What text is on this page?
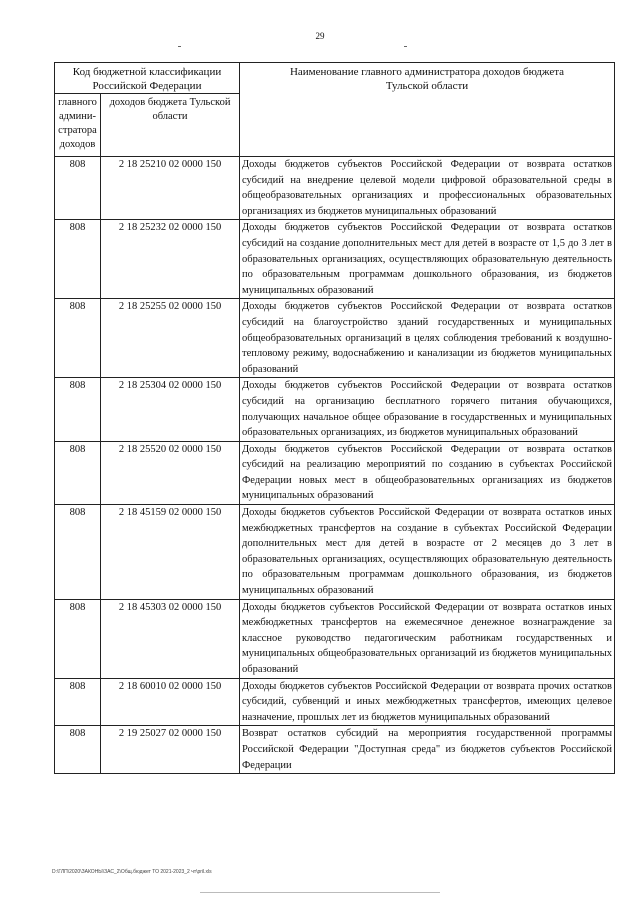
29
Код бюджетной классификации Российской Федерации		Наименование главного администратора доходов бюджета Тульской области
главного админи-стратора доходов	доходов бюджета Тульской области	
808	2 18 25210 02 0000 150	Доходы бюджетов субъектов Российской Федерации от возврата остатков субсидий на внедрение целевой модели цифровой образовательной среды в общеобразовательных организациях и профессиональных образовательных организациях из бюджетов муниципальных образований
808	2 18 25232 02 0000 150	Доходы бюджетов субъектов Российской Федерации от возврата остатков субсидий на создание дополнительных мест для детей в возрасте от 1,5 до 3 лет в образовательных организациях, осуществляющих образовательную деятельность по образовательным программам дошкольного образования, из бюджетов муниципальных образований
808	2 18 25255 02 0000 150	Доходы бюджетов субъектов Российской Федерации от возврата остатков субсидий на благоустройство зданий государственных и муниципальных общеобразовательных организаций в целях соблюдения требований к воздушно-тепловому режиму, водоснабжению и канализации из бюджетов муниципальных образований
808	2 18 25304 02 0000 150	Доходы бюджетов субъектов Российской Федерации от возврата остатков субсидий на организацию бесплатного горячего питания обучающихся, получающих начальное общее образование в государственных и муниципальных образовательных организациях, из бюджетов муниципальных образований
808	2 18 25520 02 0000 150	Доходы бюджетов субъектов Российской Федерации от возврата остатков субсидий на реализацию мероприятий по созданию в субъектах Российской Федерации новых мест в общеобразовательных организациях из бюджетов муниципальных образований
808	2 18 45159 02 0000 150	Доходы бюджетов субъектов Российской Федерации от возврата остатков иных межбюджетных трансфертов на создание в субъектах Российской Федерации дополнительных мест для детей в возрасте от 2 месяцев до 3 лет в образовательных организациях, осуществляющих образовательную деятельность по образовательным программам дошкольного образования, из бюджетов муниципальных образований
808	2 18 45303 02 0000 150	Доходы бюджетов субъектов Российской Федерации от возврата остатков иных межбюджетных трансфертов на ежемесячное денежное вознаграждение за классное руководство педагогическим работникам государственных и муниципальных общеобразовательных организаций из бюджетов муниципальных образований
808	2 18 60010 02 0000 150	Доходы бюджетов субъектов Российской Федерации от возврата прочих остатков субсидий, субвенций и иных межбюджетных трансфертов, имеющих целевое назначение, прошлых лет из бюджетов муниципальных образований
808	2 19 25027 02 0000 150	Возврат остатков субсидий на мероприятия государственной программы Российской Федерации "Доступная среда" из бюджетов субъектов Российской Федерации
D:\ГЛП\2020\ЗАКОНЫ\ЗАС_2\Общ.бюджет ТО 2021-2023_2 чт\pril.xls
